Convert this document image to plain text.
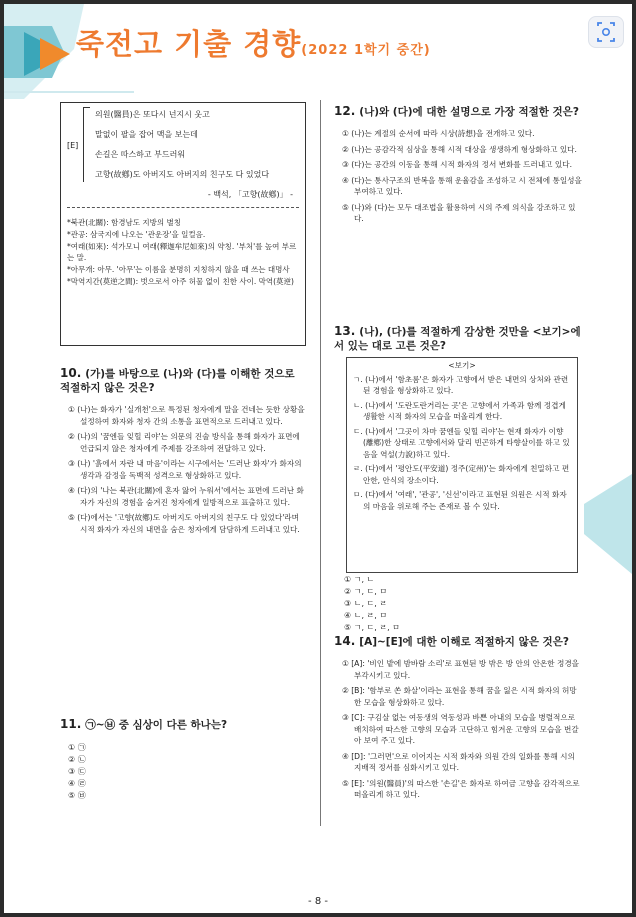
죽전고 기출 경향(2022 1학기 중간)
[E]
의원(醫員)은 또다시 넌지시 웃고
말없이 팔을 잡어 맥을 보는데
손길은 따스하고 부드러워
고향(故鄕)도 아버지도 아버지의 친구도 다 있었다
- 백석, 「고향(故鄕)」 -
*북관(北關): 함경남도 지방의 별칭
*관공: 삼국지에 나오는 '관운장'을 일컬음.
*여래(如來): 석가모니 여래(釋迦牟尼如來)의 약칭. '부처'를 높여 부르는 말.
*아무개: 아무. '아무'는 이름을 분명히 지칭하지 않을 때 쓰는 대명사
*막역지간(莫逆之間): 벗으로서 아주 허물 없이 친한 사이. 막역(莫逆)
10. (가)를 바탕으로 (나)와 (다)를 이해한 것으로 적절하지 않은 것은?
① (나)는 화자가 '실개천'으로 특정된 청자에게 말을 건네는 듯한 상황을 설정하여 화자와 청자 간의 소통을 표면적으로 드러내고 있다.
② (나)의 '꿈엔들 잊힐 리야'는 의문의 진술 방식을 통해 화자가 표면에 언급되지 않은 청자에게 주제를 강조하여 전달하고 있다.
③ (나) '흙에서 자란 내 마음'이라는 시구에서는 '드러난 화자'가 화자의 생각과 감정을 독백적 성격으로 형상화하고 있다.
④ (다)의 '나는 북관(北關)에 혼자 앓어 누워서'에서는 표면에 드러난 화자가 자신의 경험을 숨겨진 청자에게 일방적으로 표출하고 있다.
⑤ (다)에서는 '고향(故鄕)도 아버지도 아버지의 친구도 다 있었다'라며 시적 화자가 자신의 내면을 숨은 청자에게 담담하게 드러내고 있다.
11. ㉠~㉥ 중 심상이 다른 하나는?
① ㉠② ㉡
③ ㉢④ ㉣
⑤ ㉥
12. (나)와 (다)에 대한 설명으로 가장 적절한 것은?
① (나)는 계절의 순서에 따라 시상(詩想)을 전개하고 있다.
② (나)는 공감각적 심상을 통해 시적 대상을 생생하게 형상화하고 있다.
③ (다)는 공간의 이동을 통해 시적 화자의 정서 변화를 드러내고 있다.
④ (다)는 통사구조의 반복을 통해 운율감을 조성하고 시 전체에 통일성을 부여하고 있다.
⑤ (나)와 (다)는 모두 대조법을 활용하여 시의 주제 의식을 강조하고 있다.
13. (나), (다)를 적절하게 감상한 것만을 <보기>에서 있는 대로 고른 것은?
<보기>
ㄱ. (나)에서 '함초롬'은 화자가 고향에서 받은 내면의 상처와 관련된 경험을 형상화하고 있다.
ㄴ. (나)에서 '도란도란거리는 곳'은 고향에서 가족과 함께 정겹게 생활한 시적 화자의 모습을 떠올리게 한다.
ㄷ. (나)에서 '그곳이 차마 꿈엔들 잊힐 리야'는 현재 화자가 이향(離鄕)한 상태로 고향에서와 달리 빈곤하게 타향살이를 하고 있음을 역설(力說)하고 있다.
ㄹ. (다)에서 '평안도(平安道) 정주(定州)'는 화자에게 친밀하고 편안한, 안식의 장소이다.
ㅁ. (다)에서 '여래', '관공', '신선'이라고 표현된 의원은 시적 화자의 마음을 위로해 주는 존재로 볼 수 있다.
① ㄱ, ㄴ② ㄱ, ㄷ, ㅁ
③ ㄴ, ㄷ, ㄹ④ ㄴ, ㄹ, ㅁ
⑤ ㄱ, ㄷ, ㄹ, ㅁ
14. [A]~[E]에 대한 이해로 적절하지 않은 것은?
① [A]: '비인 밭에 밤바람 소리'로 표현된 방 밖은 방 안의 안온한 정경을 부각시키고 있다.
② [B]: '함부로 쏜 화살'이라는 표현을 통해 꿈을 잃은 시적 화자의 허망한 모습을 형상화하고 있다.
③ [C]: 구김살 없는 여동생의 역동성과 바쁜 아내의 모습을 병렬적으로 배치하여 따스한 고향의 모습과 고단하고 힘겨운 고향의 모습을 번갈아 보여 주고 있다.
④ [D]: '그러면'으로 이어지는 시적 화자와 의원 간의 일화를 통해 시의 지배적 정서를 심화시키고 있다.
⑤ [E]: '의원(醫員)'의 따스한 '손길'은 화자로 하여금 고향을 감각적으로 떠올리게 하고 있다.
- 8 -
